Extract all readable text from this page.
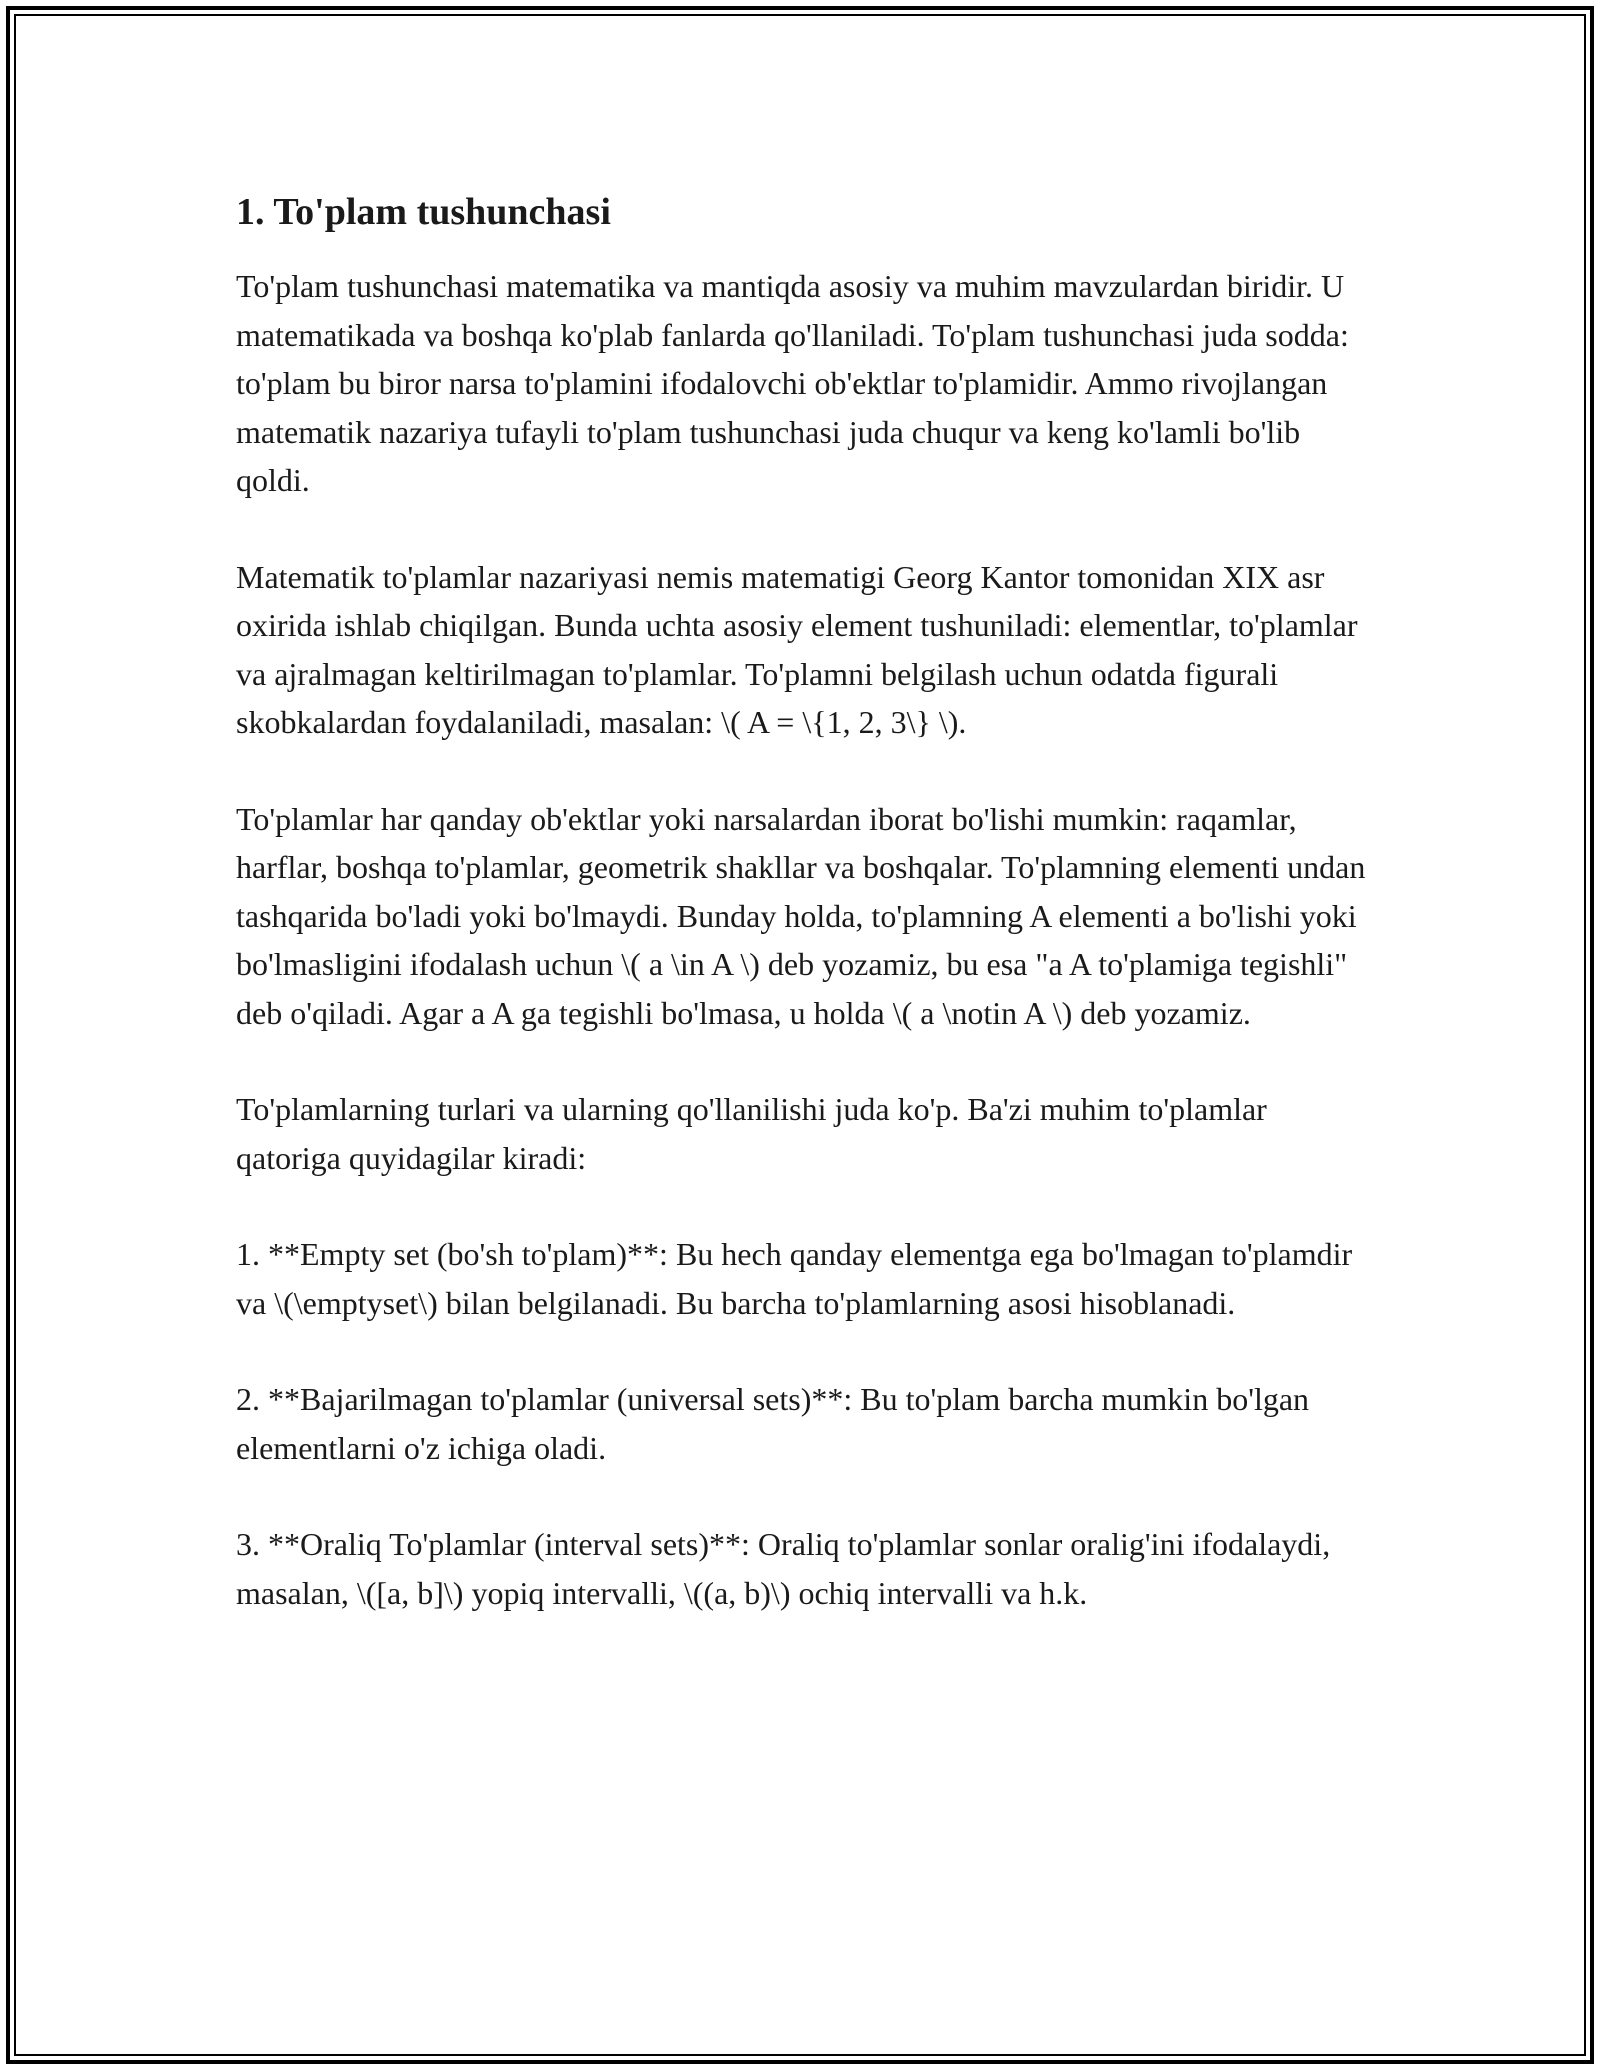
1. To'plam tushunchasi

To'plam tushunchasi matematika va mantiqda asosiy va muhim mavzulardan biridir. U matematikada va boshqa ko'plab fanlarda qo'llaniladi. To'plam tushunchasi juda sodda: to'plam bu biror narsa to'plamini ifodalovchi ob'ektlar to'plamidir. Ammo rivojlangan matematik nazariya tufayli to'plam tushunchasi juda chuqur va keng ko'lamli bo'lib qoldi.

Matematik to'plamlar nazariyasi nemis matematigi Georg Kantor tomonidan XIX asr oxirida ishlab chiqilgan. Bunda uchta asosiy element tushuniladi: elementlar, to'plamlar va ajralmagan keltirilmagan to'plamlar. To'plamni belgilash uchun odatda figurali skobkalardan foydalaniladi, masalan: \( A = \{1, 2, 3\} \).

To'plamlar har qanday ob'ektlar yoki narsalardan iborat bo'lishi mumkin: raqamlar, harflar, boshqa to'plamlar, geometrik shakllar va boshqalar. To'plamning elementi undan tashqarida bo'ladi yoki bo'lmaydi. Bunday holda, to'plamning A elementi a bo'lishi yoki bo'lmasligini ifodalash uchun \( a \in A \) deb yozamiz, bu esa "a A to'plamiga tegishli" deb o'qiladi. Agar a A ga tegishli bo'lmasa, u holda \( a \notin A \) deb yozamiz.

To'plamlarning turlari va ularning qo'llanilishi juda ko'p. Ba'zi muhim to'plamlar qatoriga quyidagilar kiradi:

1. **Empty set (bo'sh to'plam)**: Bu hech qanday elementga ega bo'lmagan to'plamdir va \(\emptyset\) bilan belgilanadi. Bu barcha to'plamlarning asosi hisoblanadi.

2. **Bajarilmagan to'plamlar (universal sets)**: Bu to'plam barcha mumkin bo'lgan elementlarni o'z ichiga oladi.

3. **Oraliq To'plamlar (interval sets)**: Oraliq to'plamlar sonlar oralig'ini ifodalaydi, masalan, \([a, b]\) yopiq intervalli, \((a, b)\) ochiq intervalli va h.k.
